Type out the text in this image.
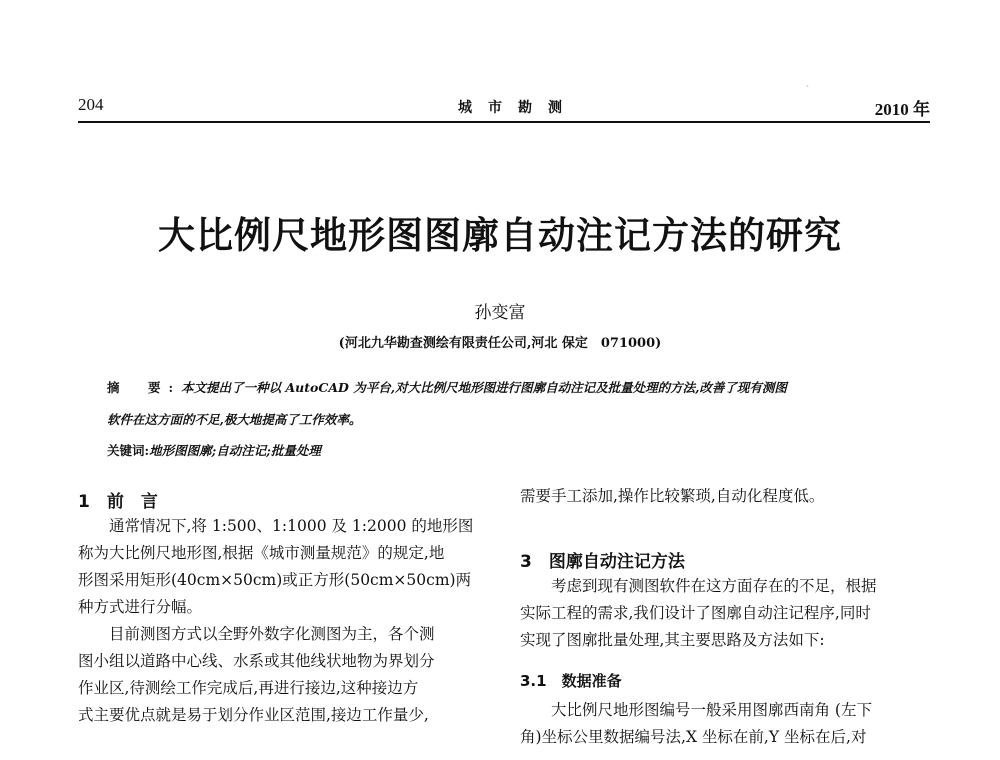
ˋ
204	城市勘测	2010 年
大比例尺地形图图廓自动注记方法的研究
孙变富
(河北九华勘查测绘有限责任公司,河北 保定　071000)
摘　要:本文提出了一种以 AutoCAD 为平台,对大比例尺地形图进行图廓自动注记及批量处理的方法,改善了现有测图
软件在这方面的不足,极大地提高了工作效率。
关键词:地形图图廓;自动注记;批量处理
1　前　言
　　通常情况下,将 1:500、1:1000 及 1:2000 的地形图
称为大比例尺地形图,根据《城市测量规范》的规定,地
形图采用矩形(40cm×50cm)或正方形(50cm×50cm)两
种方式进行分幅。
　　目前测图方式以全野外数字化测图为主，各个测
图小组以道路中心线、水系或其他线状地物为界划分
作业区,待测绘工作完成后,再进行接边,这种接边方
式主要优点就是易于划分作业区范围,接边工作量少,
需要手工添加,操作比较繁琐,自动化程度低。
3　图廓自动注记方法
　　考虑到现有测图软件在这方面存在的不足，根据
实际工程的需求,我们设计了图廓自动注记程序,同时
实现了图廓批量处理,其主要思路及方法如下:
3.1　数据准备
　　大比例尺地形图编号一般采用图廓西南角 (左下
角)坐标公里数据编号法,X 坐标在前,Y 坐标在后,对
